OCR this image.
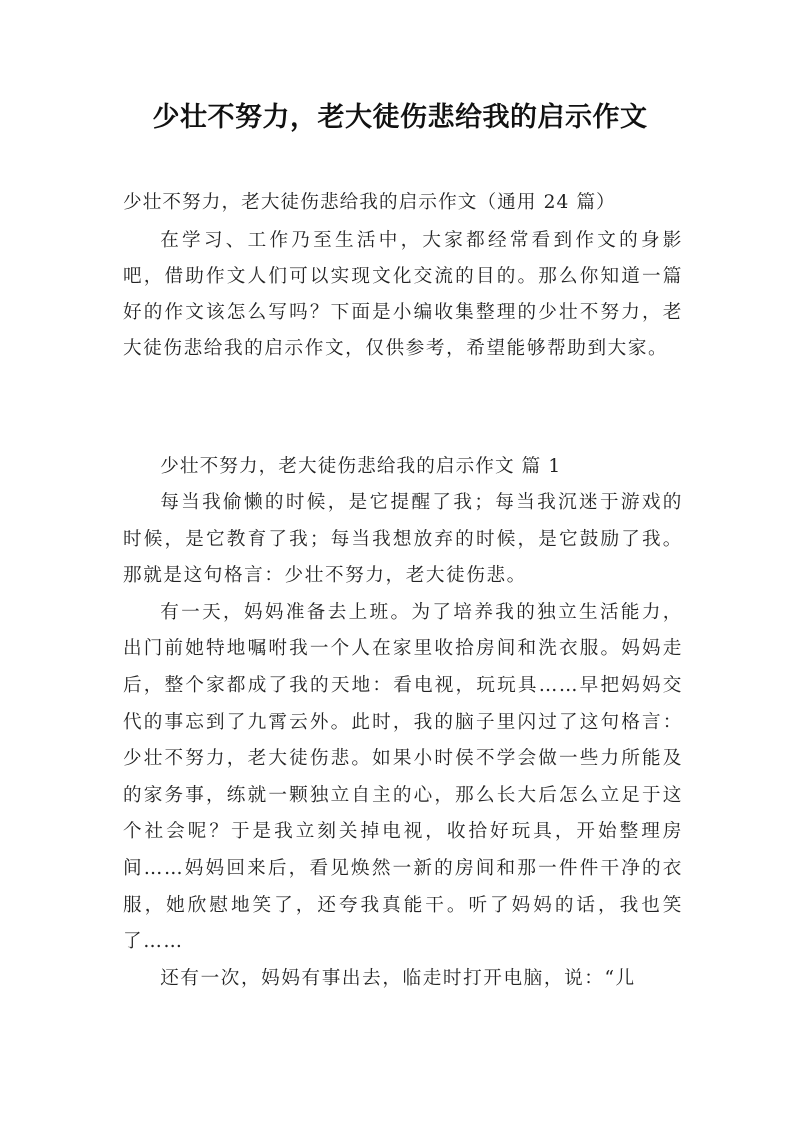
少壮不努力，老大徒伤悲给我的启示作文
少壮不努力，老大徒伤悲给我的启示作文（通用 24 篇）

在学习、工作乃至生活中，大家都经常看到作文的身影吧，借助作文人们可以实现文化交流的目的。那么你知道一篇好的作文该怎么写吗？下面是小编收集整理的少壮不努力，老大徒伤悲给我的启示作文，仅供参考，希望能够帮助到大家。

少壮不努力，老大徒伤悲给我的启示作文 篇 1

每当我偷懒的时候，是它提醒了我；每当我沉迷于游戏的时候，是它教育了我；每当我想放弃的时候，是它鼓励了我。那就是这句格言：少壮不努力，老大徒伤悲。

有一天，妈妈准备去上班。为了培养我的独立生活能力，出门前她特地嘱咐我一个人在家里收拾房间和洗衣服。妈妈走后，整个家都成了我的天地：看电视，玩玩具……早把妈妈交代的事忘到了九霄云外。此时，我的脑子里闪过了这句格言：少壮不努力，老大徒伤悲。如果小时侯不学会做一些力所能及的家务事，练就一颗独立自主的心，那么长大后怎么立足于这个社会呢？于是我立刻关掉电视，收拾好玩具，开始整理房间……妈妈回来后，看见焕然一新的房间和那一件件干净的衣服，她欣慰地笑了，还夸我真能干。听了妈妈的话，我也笑了……

还有一次，妈妈有事出去，临走时打开电脑，说：“儿
